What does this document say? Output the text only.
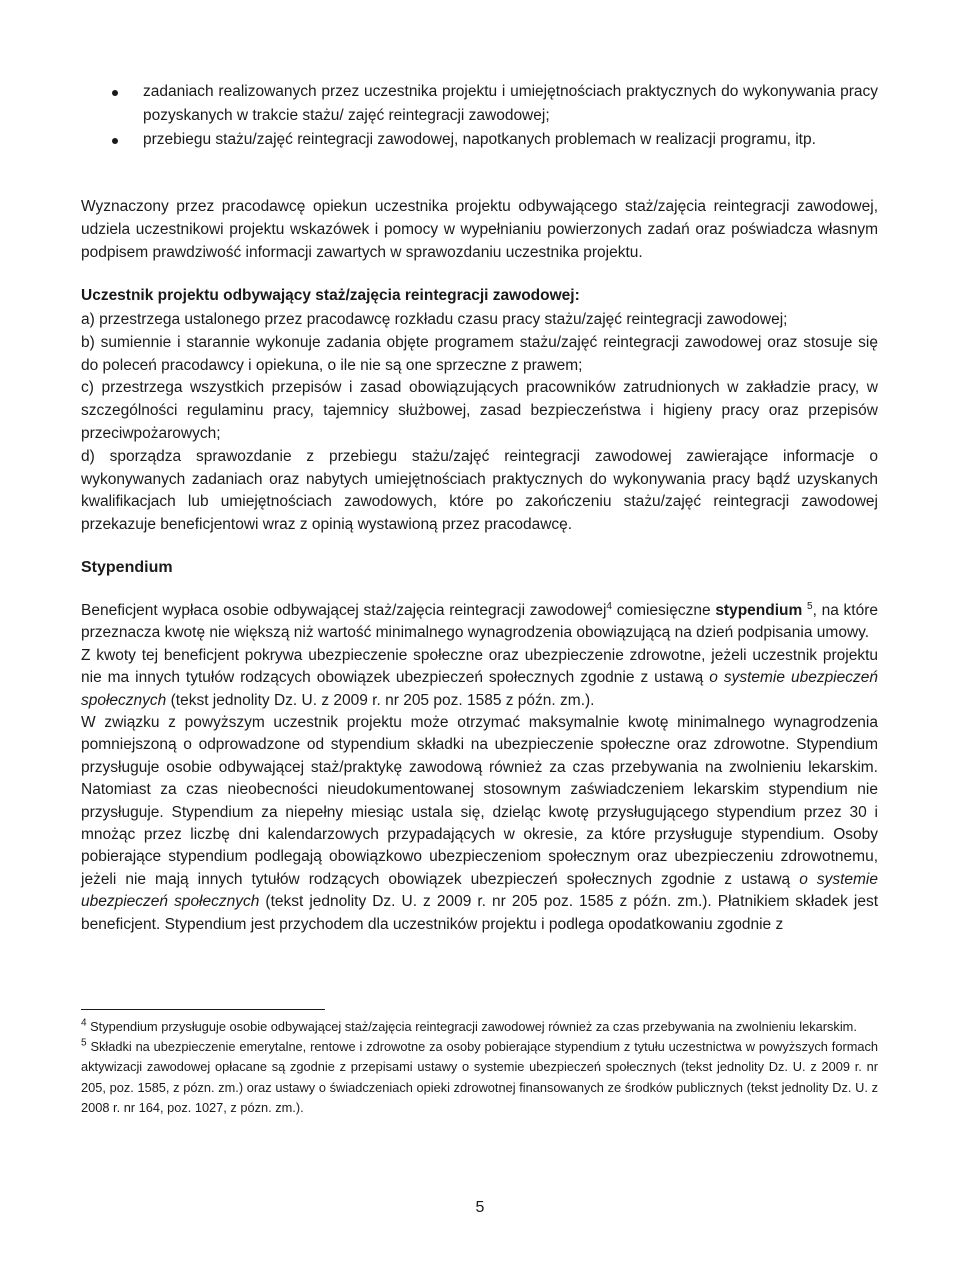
zadaniach realizowanych przez uczestnika projektu i umiejętnościach praktycznych do wykonywania pracy pozyskanych w trakcie stażu/ zajęć reintegracji zawodowej;

przebiegu stażu/zajęć reintegracji zawodowej, napotkanych problemach w realizacji programu, itp.

Wyznaczony przez pracodawcę opiekun uczestnika projektu odbywającego staż/zajęcia reintegracji zawodowej, udziela uczestnikowi projektu wskazówek i pomocy w wypełnianiu powierzonych zadań oraz poświadcza własnym podpisem prawdziwość informacji zawartych w sprawozdaniu uczestnika projektu.

Uczestnik projektu odbywający staż/zajęcia reintegracji zawodowej:

a) przestrzega ustalonego przez pracodawcę rozkładu czasu pracy stażu/zajęć reintegracji zawodowej;

b) sumiennie i starannie wykonuje zadania objęte programem stażu/zajęć reintegracji zawodowej oraz stosuje się do poleceń pracodawcy i opiekuna, o ile nie są one sprzeczne z prawem;

c) przestrzega wszystkich przepisów i zasad obowiązujących pracowników zatrudnionych w zakładzie pracy, w szczególności regulaminu pracy, tajemnicy służbowej, zasad bezpieczeństwa i higieny pracy oraz przepisów przeciwpożarowych;

d) sporządza sprawozdanie z przebiegu stażu/zajęć reintegracji zawodowej zawierające informacje o wykonywanych zadaniach oraz nabytych umiejętnościach praktycznych do wykonywania pracy bądź uzyskanych kwalifikacjach lub umiejętnościach zawodowych, które po zakończeniu stażu/zajęć reintegracji zawodowej przekazuje beneficjentowi wraz z opinią wystawioną przez pracodawcę.

Stypendium

Beneficjent wypłaca osobie odbywającej staż/zajęcia reintegracji zawodowej$^4$ comiesięczne stypendium $^5$, na które przeznacza kwotę nie większą niż wartość minimalnego wynagrodzenia obowiązującą na dzień podpisania umowy.

Z kwoty tej beneficjent pokrywa ubezpieczenie społeczne oraz ubezpieczenie zdrowotne, jeżeli uczestnik projektu nie ma innych tytułów rodzących obowiązek ubezpieczeń społecznych zgodnie z ustawą o systemie ubezpieczeń społecznych (tekst jednolity Dz. U. z 2009 r. nr 205 poz. 1585 z późn. zm.).

W związku z powyższym uczestnik projektu może otrzymać maksymalnie kwotę minimalnego wynagrodzenia pomniejszoną o odprowadzone od stypendium składki na ubezpieczenie społeczne oraz zdrowotne. Stypendium przysługuje osobie odbywającej staż/praktykę zawodową również za czas przebywania na zwolnieniu lekarskim. Natomiast za czas nieobecności nieudokumentowanej stosownym zaświadczeniem lekarskim stypendium nie przysługuje. Stypendium za niepełny miesiąc ustala się, dzieląc kwotę przysługującego stypendium przez 30 i mnożąc przez liczbę dni kalendarzowych przypadających w okresie, za które przysługuje stypendium. Osoby pobierające stypendium podlegają obowiązkowo ubezpieczeniom społecznym oraz ubezpieczeniu zdrowotnemu, jeżeli nie mają innych tytułów rodzących obowiązek ubezpieczeń społecznych zgodnie z ustawą o systemie ubezpieczeń społecznych (tekst jednolity Dz. U. z 2009 r. nr 205 poz. 1585 z późn. zm.). Płatnikiem składek jest beneficjent. Stypendium jest przychodem dla uczestników projektu i podlega opodatkowaniu zgodnie z

$^4$ Stypendium przysługuje osobie odbywającej staż/zajęcia reintegracji zawodowej również za czas przebywania na zwolnieniu lekarskim.

$^5$ Składki na ubezpieczenie emerytalne, rentowe i zdrowotne za osoby pobierające stypendium z tytułu uczestnictwa w powyższych formach aktywizacji zawodowej opłacane są zgodnie z przepisami ustawy o systemie ubezpieczeń społecznych (tekst jednolity Dz. U. z 2009 r. nr 205, poz. 1585, z pózn. zm.) oraz ustawy o świadczeniach opieki zdrowotnej finansowanych ze środków publicznych (tekst jednolity Dz. U. z 2008 r. nr 164, poz. 1027, z pózn. zm.).

5
